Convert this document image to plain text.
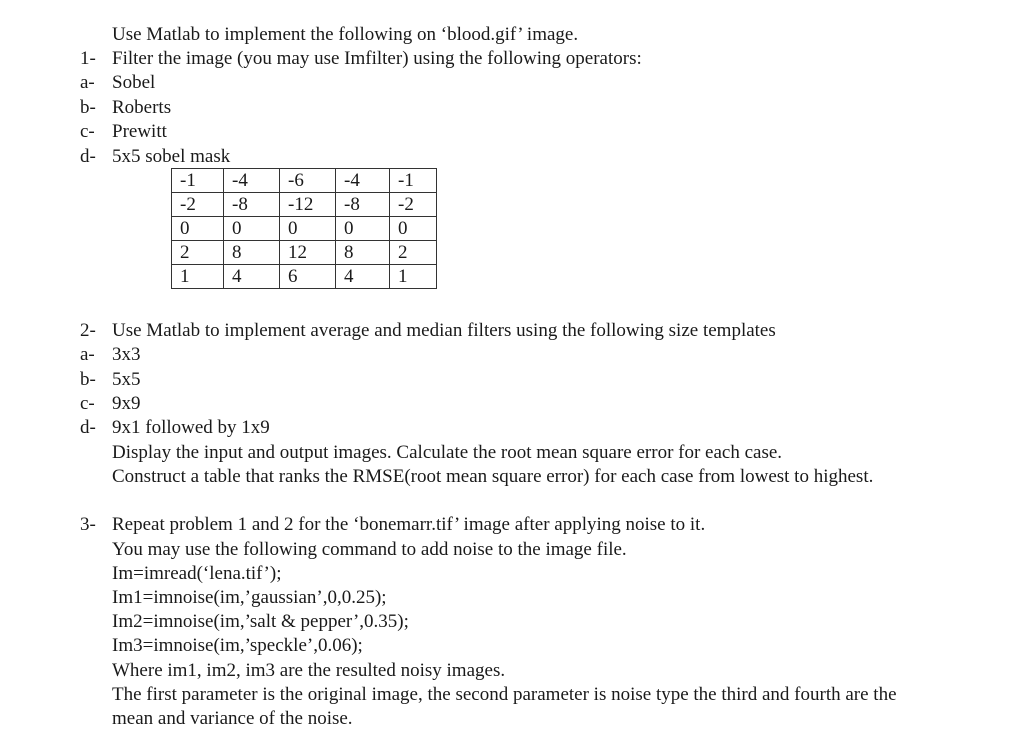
Use Matlab to implement the following on ‘blood.gif’ image.
1- Filter the image (you may use Imfilter) using the following operators:
a- Sobel
b- Roberts
c- Prewitt
d- 5x5 sobel mask
-1	-4	-6	-4	-1
-2	-8	-12	-8	-2
0	0	0	0	0
2	8	12	8	2
1	4	6	4	1
2- Use Matlab to implement average and median filters using the following size templates
a- 3x3
b- 5x5
c- 9x9
d- 9x1 followed by 1x9
Display the input and output images. Calculate the root mean square error for each case.
Construct a table that ranks the RMSE(root mean square error) for each case from lowest to highest.
3- Repeat problem 1 and 2 for the ‘bonemarr.tif’ image after applying noise to it.
You may use the following command to add noise to the image file.
Im=imread(‘lena.tif’);
Im1=imnoise(im,’gaussian’,0,0.25);
Im2=imnoise(im,’salt & pepper’,0.35);
Im3=imnoise(im,’speckle’,0.06);
Where im1, im2, im3 are the resulted noisy images.
The first parameter is the original image, the second parameter is noise type the third and fourth are the
mean and variance of the noise.
